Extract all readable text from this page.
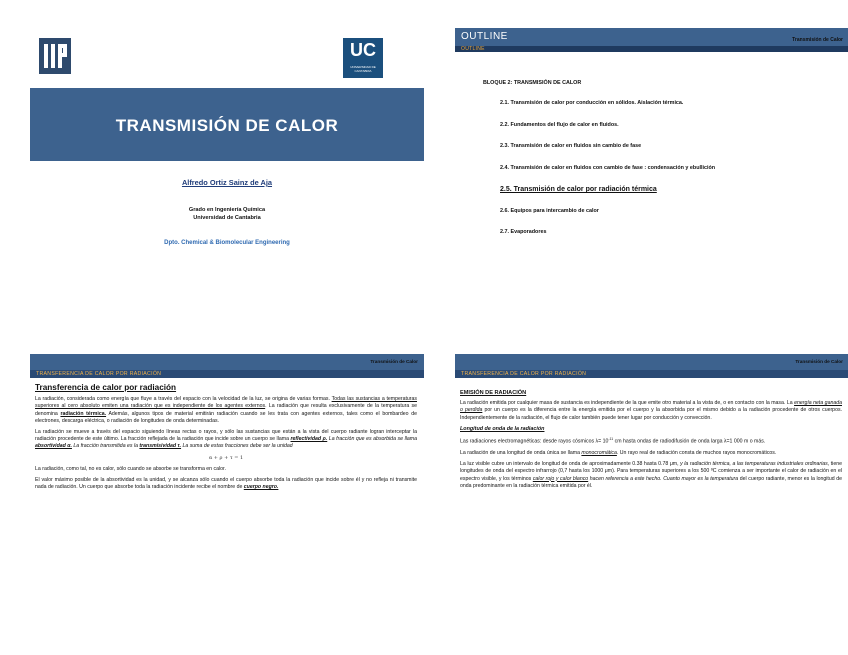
UC
UNIVERSIDAD DE CANTABRIA
TRANSMISIÓN DE CALOR
Alfredo Ortiz Sainz de Aja
Grado en Ingeniería Química
Universidad de Cantabria
Dpto. Chemical & Biomolecular Engineering
OUTLINE	Transmisión de Calor
OUTLINE
BLOQUE 2: TRANSMISIÓN DE CALOR
2.1. Transmisión de calor por conducción en sólidos. Aislación térmica.
2.2. Fundamentos del flujo de calor en fluidos.
2.3. Transmisión de calor en fluidos sin cambio de fase
2.4. Transmisión de calor en fluidos con cambio de fase : condensación y ebullición
2.5. Transmisión de calor por radiación térmica
2.6. Equipos para intercambio de calor
2.7. Evaporadores
Transmisión de Calor
TRANSFERENCIA DE CALOR POR RADIACIÓN

Transferencia de calor por radiación

La radiación, considerada como energía que fluye a través del espacio con la velocidad de la luz, se origina de varias formas. Todas las sustancias a temperaturas superiores al cero absoluto emiten una radiación que es independiente de los agentes externos. La radiación que resulta exclusivamente de la temperatura se denomina radiación térmica. Además, algunos tipos de material emitirán radiación cuando se les trata con agentes externos, tales como el bombardeo de electrones, descarga eléctrica, o radiación de longitudes de onda determinadas.

La radiación se mueve a través del espacio siguiendo líneas rectas o rayos, y sólo las sustancias que están a la vista del cuerpo radiante logran interceptar la radiación procedente de este último. La fracción reflejada de la radiación que incide sobre un cuerpo se llama reflectividad ρ. La fracción que es absorbida se llama absortividad α. La fracción transmitida es la transmisividad τ. La suma de estas fracciones debe ser la unidad

α + ρ + τ = 1

La radiación, como tal, no es calor, sólo cuando se absorbe se transforma en calor.

El valor máximo posible de la absortividad es la unidad, y se alcanza sólo cuando el cuerpo absorbe toda la radiación que incide sobre él y no refleja ni transmite nada de radiación. Un cuerpo que absorbe toda la radiación incidente recibe el nombre de cuerpo negro.

Transmisión de Calor
TRANSFERENCIA DE CALOR POR RADIACIÓN

EMISIÓN DE RADIACIÓN

La radiación emitida por cualquier masa de sustancia es independiente de la que emite otro material a la vista de, o en contacto con la masa. La energía neta ganada o perdida por un cuerpo es la diferencia entre la energía emitida por el cuerpo y la absorbida por el mismo debido a la radiación procedente de otros cuerpos. Independientemente de la radiación, el flujo de calor también puede tener lugar por conducción y convección.

Longitud de onda de la radiación

Las radiaciones electromagnéticas: desde rayos cósmicos $\lambda= 10^{-11}$ cm hasta ondas de radiodifusión de onda larga λ=1 000 m o más.

La radiación de una longitud de onda única se llama monocromática. Un rayo real de radiación consta de muchos rayos monocromáticos.

La luz visible cubre un intervalo de longitud de onda de aproximadamente 0.38 hasta 0.78 μm, y la radiación térmica, a las temperaturas industriales ordinarias, tiene longitudes de onda del espectro infrarrojo (0,7 hasta los 1000 μm). Para temperaturas superiores a los 500 ºC comienza a ser importante el calor de radiación en el espectro visible, y los términos calor rojo y calor blanco hacen referencia a este hecho. Cuanto mayor es la temperatura del cuerpo radiante, menor es la longitud de onda predominante en la radiación térmica emitida por él.
